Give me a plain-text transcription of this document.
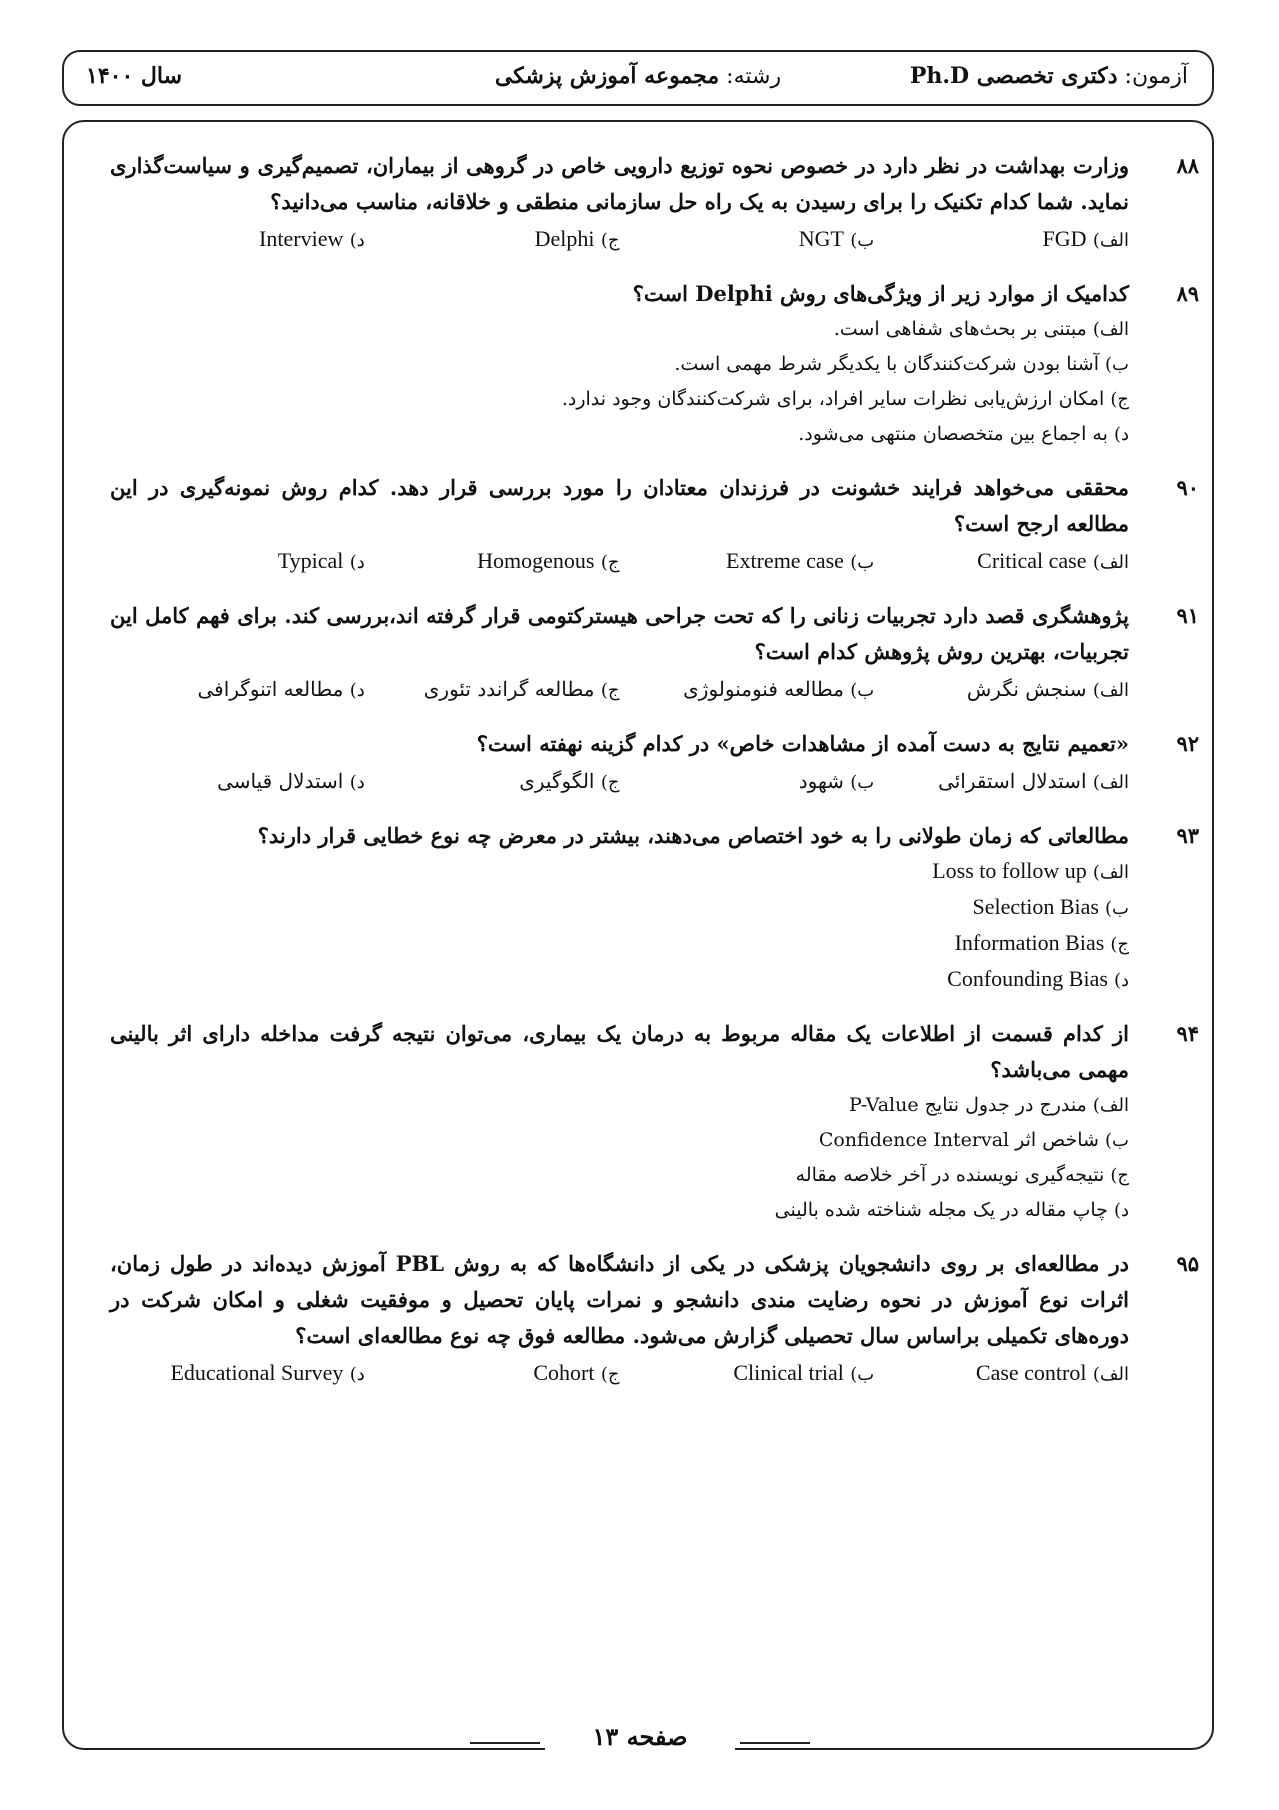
آزمون: دکتری تخصصی Ph.D
رشته: مجموعه آموزش پزشکی
سال ۱۴۰۰
۸۸
وزارت بهداشت در نظر دارد در خصوص نحوه توزیع دارویی خاص در گروهی از بیماران، تصمیم‌گیری و سیاست‌گذاری نماید. شما کدام تکنیک را برای رسیدن به یک راه حل سازمانی منطقی و خلاقانه، مناسب می‌دانید؟
الف) FGD
ب) NGT
ج) Delphi
د) Interview
۸۹
کدامیک از موارد زیر از ویژگی‌های روش Delphi است؟
الف) مبتنی بر بحث‌های شفاهی است.
ب) آشنا بودن شرکت‌کنندگان با یکدیگر شرط مهمی است.
ج) امکان ارزش‌یابی نظرات سایر افراد، برای شرکت‌کنندگان وجود ندارد.
د) به اجماع بین متخصصان منتهی می‌شود.
۹۰
محققی می‌خواهد فرایند خشونت در فرزندان معتادان را مورد بررسی قرار دهد. کدام روش نمونه‌گیری در این مطالعه ارجح است؟
الف) Critical case
ب) Extreme case
ج) Homogenous
د) Typical
۹۱
پژوهشگری قصد دارد تجربیات زنانی را که تحت جراحی هیسترکتومی قرار گرفته اند،بررسی کند. برای فهم کامل این تجربیات، بهترین روش پژوهش کدام است؟
الف) سنجش نگرش
ب) مطالعه فنومنولوژی
ج) مطالعه گراندد تئوری
د) مطالعه اتنوگرافی
۹۲
«تعمیم نتایج به دست آمده از مشاهدات خاص» در کدام گزینه نهفته است؟
الف) استدلال استقرائی
ب) شهود
ج) الگوگیری
د) استدلال قیاسی
۹۳
مطالعاتی که زمان طولانی را به خود اختصاص می‌دهند، بیشتر در معرض چه نوع خطایی قرار دارند؟
الف) Loss to follow up
ب) Selection Bias
ج) Information Bias
د) Confounding Bias
۹۴
از کدام قسمت از اطلاعات یک مقاله مربوط به درمان یک بیماری، می‌توان نتیجه گرفت مداخله دارای اثر بالینی مهمی می‌باشد؟
الف) مندرج در جدول نتایج P-Value
ب) شاخص اثر Confidence Interval
ج) نتیجه‌گیری نویسنده در آخر خلاصه مقاله
د) چاپ مقاله در یک مجله شناخته شده بالینی
۹۵
در مطالعه‌ای بر روی دانشجویان پزشکی در یکی از دانشگاه‌ها که به روش PBL آموزش دیده‌اند در طول زمان، اثرات نوع آموزش در نحوه رضایت مندی دانشجو و نمرات پایان تحصیل و موفقیت شغلی و امکان شرکت در دوره‌های تکمیلی براساس سال تحصیلی گزارش می‌شود. مطالعه فوق چه نوع مطالعه‌ای است؟
الف) Case control
ب) Clinical trial
ج) Cohort
د) Educational Survey
صفحه ۱۳
